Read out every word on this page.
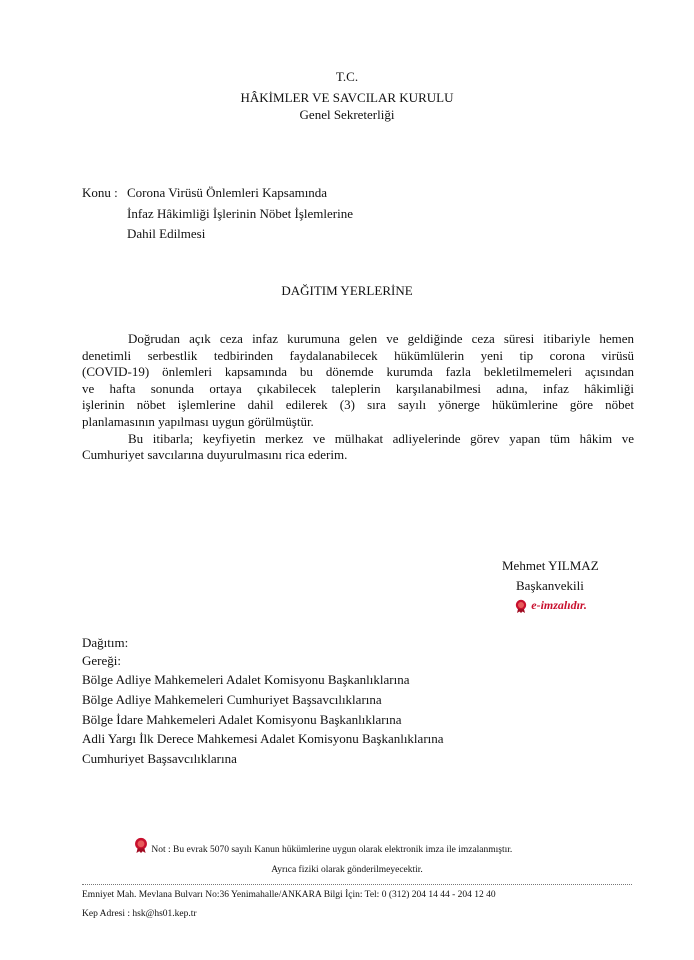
T.C.
HÂKİMLER VE SAVCILAR KURULU
Genel Sekreterliği
Konu : Corona Virüsü Önlemleri Kapsamında
İnfaz Hâkimliği İşlerinin Nöbet İşlemlerine
Dahil Edilmesi
DAĞITIM YERLERİNE
Doğrudan açık ceza infaz kurumuna gelen ve geldiğinde ceza süresi itibariyle hemen
denetimli serbestlik tedbirinden faydalanabilecek hükümlülerin yeni tip corona virüsü
(COVID-19) önlemleri kapsamında bu dönemde kurumda fazla bekletilmemeleri açısından
ve hafta sonunda ortaya çıkabilecek taleplerin karşılanabilmesi adına, infaz hâkimliği
işlerinin nöbet işlemlerine dahil edilerek (3) sıra sayılı yönerge hükümlerine göre nöbet
planlamasının yapılması uygun görülmüştür.
Bu itibarla; keyfiyetin merkez ve mülhakat adliyelerinde görev yapan tüm hâkim ve
Cumhuriyet savcılarına duyurulmasını rica ederim.
Mehmet YILMAZ
Başkanvekili
e-imzalıdır.
Dağıtım:
Gereği:
Bölge Adliye Mahkemeleri Adalet Komisyonu Başkanlıklarına
Bölge Adliye Mahkemeleri Cumhuriyet Başsavcılıklarına
Bölge İdare Mahkemeleri Adalet Komisyonu Başkanlıklarına
Adli Yargı İlk Derece Mahkemesi Adalet Komisyonu Başkanlıklarına
Cumhuriyet Başsavcılıklarına
Not : Bu evrak 5070 sayılı Kanun hükümlerine uygun olarak elektronik imza ile imzalanmıştır.
Ayrıca fiziki olarak gönderilmeyecektir.
Emniyet Mah. Mevlana Bulvarı No:36 Yenimahalle/ANKARA Bilgi İçin: Tel: 0 (312) 204 14 44 - 204 12 40
Kep Adresi : hsk@hs01.kep.tr
